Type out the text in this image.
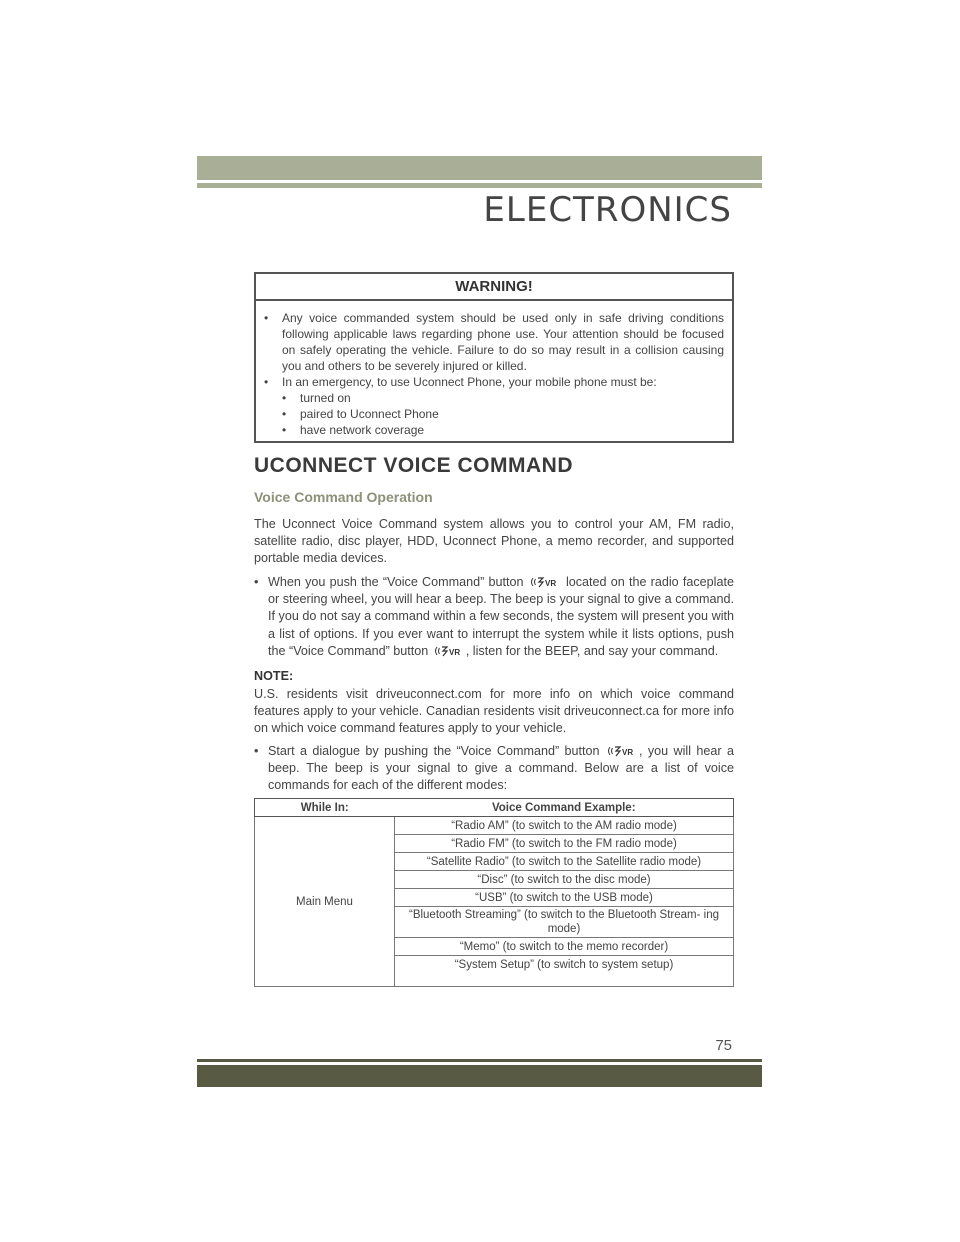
ELECTRONICS
WARNING!
•	Any voice commanded system should be used only in safe driving conditions following applicable laws regarding phone use. Your attention should be focused on safely operating the vehicle. Failure to do so may result in a collision causing you and others to be severely injured or killed.
•	In an emergency, to use Uconnect Phone, your mobile phone must be:
•	turned on
•	paired to Uconnect Phone
•	have network coverage
UCONNECT VOICE COMMAND
Voice Command Operation

The Uconnect Voice Command system allows you to control your AM, FM radio, satellite radio, disc player, HDD, Uconnect Phone, a memo recorder, and supported portable media devices.

• When you push the “Voice Command” button	VR located on the radio faceplate or steering wheel, you will hear a beep. The beep is your signal to give a command. If you do not say a command within a few seconds, the system will present you with a list of options. If you ever want to interrupt the system while it lists options, push the “Voice Command” button	VR , listen for the BEEP, and say your command.
NOTE:

U.S. residents visit driveuconnect.com for more info on which voice command features apply to your vehicle. Canadian residents visit driveuconnect.ca for more info on which voice command features apply to your vehicle.

• Start a dialogue by pushing the “Voice Command” button	VR , you will hear a beep. The beep is your signal to give a command. Below are a list of voice commands for each of the different modes:
While In:	Voice Command Example:
Main Menu	“Radio AM” (to switch to the AM radio mode)
	“Radio FM” (to switch to the FM radio mode)
	“Satellite Radio” (to switch to the Satellite radio mode)
	“Disc” (to switch to the disc mode)
	“USB” (to switch to the USB mode)
	“Bluetooth Streaming” (to switch to the Bluetooth Stream- ing mode)
	“Memo” (to switch to the memo recorder)
	“System Setup” (to switch to system setup)

75
